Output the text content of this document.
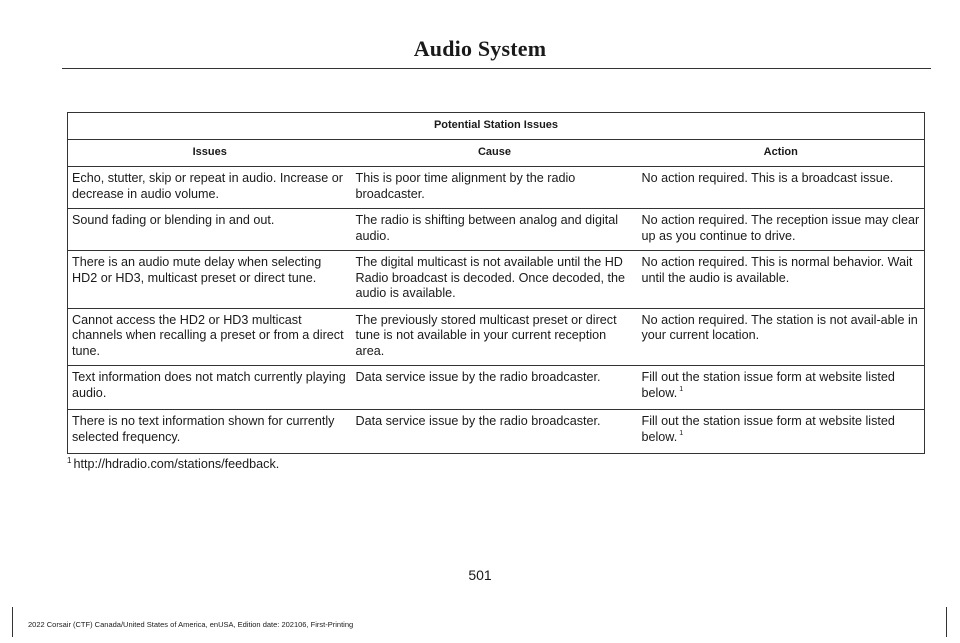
Audio System
Potential Station Issues		
Issues	Cause	Action
Echo, stutter, skip or repeat in audio. Increase or decrease in audio volume.	This is poor time alignment by the radio broadcaster.	No action required. This is a broadcast issue.
Sound fading or blending in and out.	The radio is shifting between analog and digital audio.	No action required. The reception issue may clear up as you continue to drive.
There is an audio mute delay when selecting HD2 or HD3, multicast preset or direct tune.	The digital multicast is not available until the HD Radio broadcast is decoded. Once decoded, the audio is available.	No action required. This is normal behavior. Wait until the audio is available.
Cannot access the HD2 or HD3 multicast channels when recalling a preset or from a direct tune.	The previously stored multicast preset or direct tune is not available in your current reception area.	No action required. The station is not avail-able in your current location.
Text information does not match currently playing audio.	Data service issue by the radio broadcaster.	Fill out the station issue form at website listed below. $^1$
There is no text information shown for currently selected frequency.	Data service issue by the radio broadcaster.	Fill out the station issue form at website listed below. $^1$
$^1$ http://hdradio.com/stations/feedback.
501
2022 Corsair (CTF) Canada/United States of America, enUSA, Edition date: 202106, First-Printing
